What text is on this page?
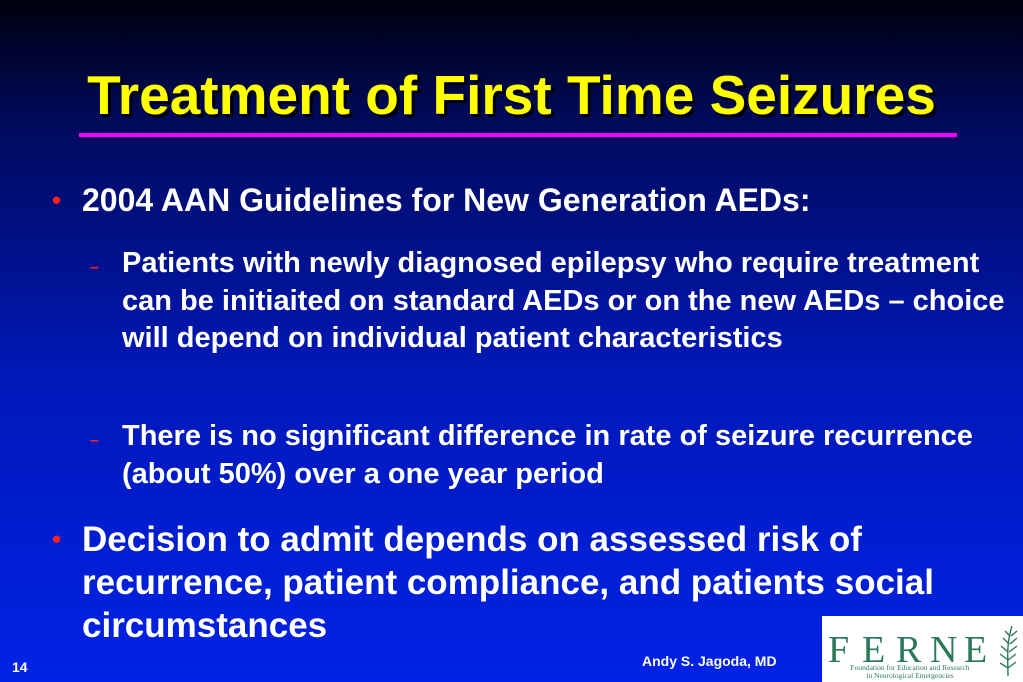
Treatment of First Time Seizures
• 2004 AAN Guidelines for New Generation AEDs:
– Patients with newly diagnosed epilepsy who require treatment can be initiaited on standard AEDs or on the new AEDs – choice will depend on individual patient characteristics
– There is no significant difference in rate of seizure recurrence (about 50%) over a one year period
• Decision to admit depends on assessed risk of recurrence, patient compliance, and patients social circumstances
14	Andy S. Jagoda, MD F E R N E
Foundation for Education and Research
in Neurological Emergencies
